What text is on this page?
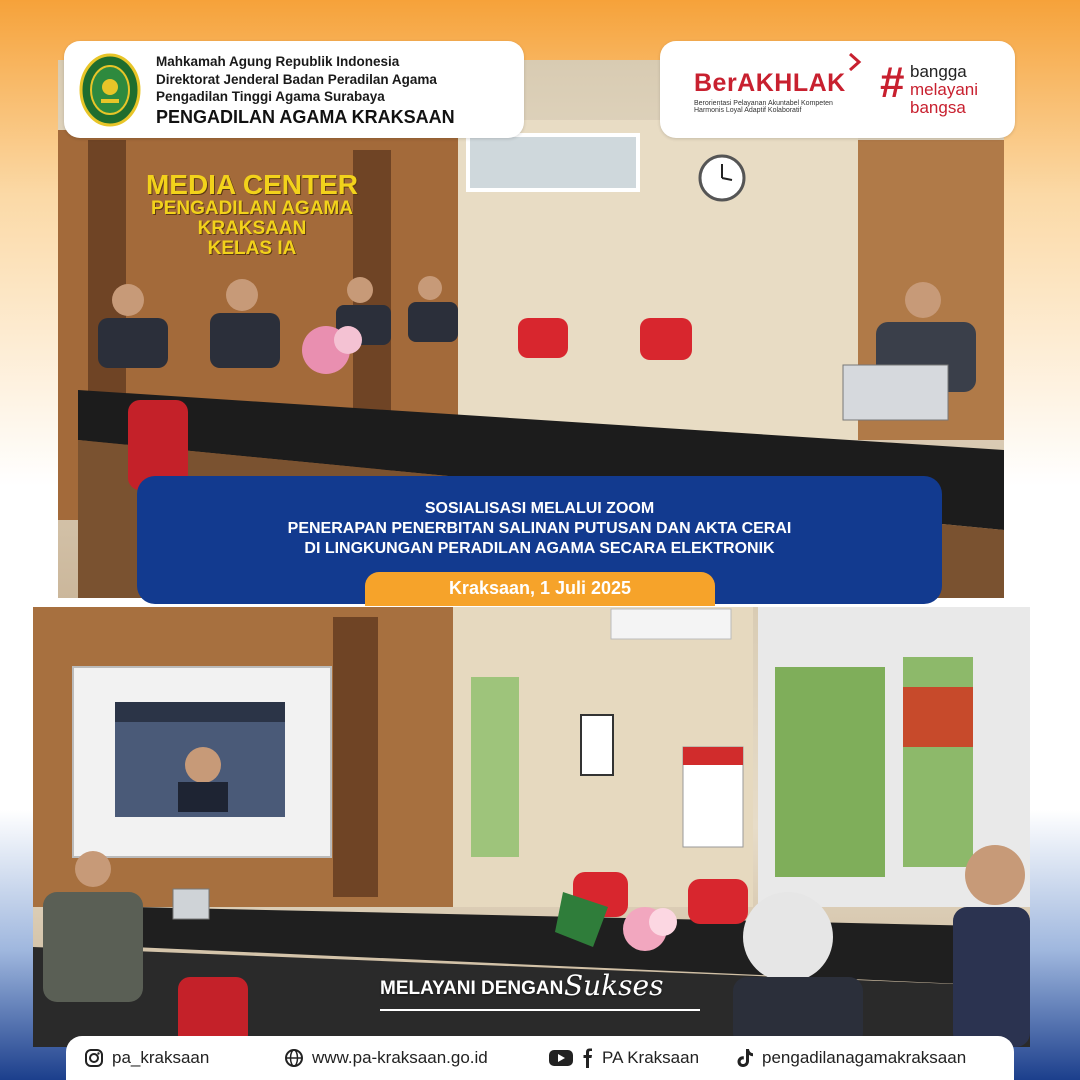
MEDIA CENTER
PENGADILAN AGAMA
KRAKSAAN
KELAS IA
Mahkamah Agung Republik Indonesia
Direktorat Jenderal Badan Peradilan Agama
Pengadilan Tinggi Agama Surabaya
PENGADILAN AGAMA KRAKSAAN
BerAKHLAK
Berorientasi Pelayanan Akuntabel Kompeten
Harmonis Loyal Adaptif Kolaboratif
# bangga
melayani
bangsa
SOSIALISASI MELALUI ZOOM
PENERAPAN PENERBITAN SALINAN PUTUSAN DAN AKTA CERAI
DI LINGKUNGAN PERADILAN AGAMA SECARA ELEKTRONIK
Kraksaan, 1 Juli 2025
MELAYANI DENGAN Sukses
pa_kraksaan	www.pa-kraksaan.go.id	PA Kraksaan	pengadilanagamakraksaan
